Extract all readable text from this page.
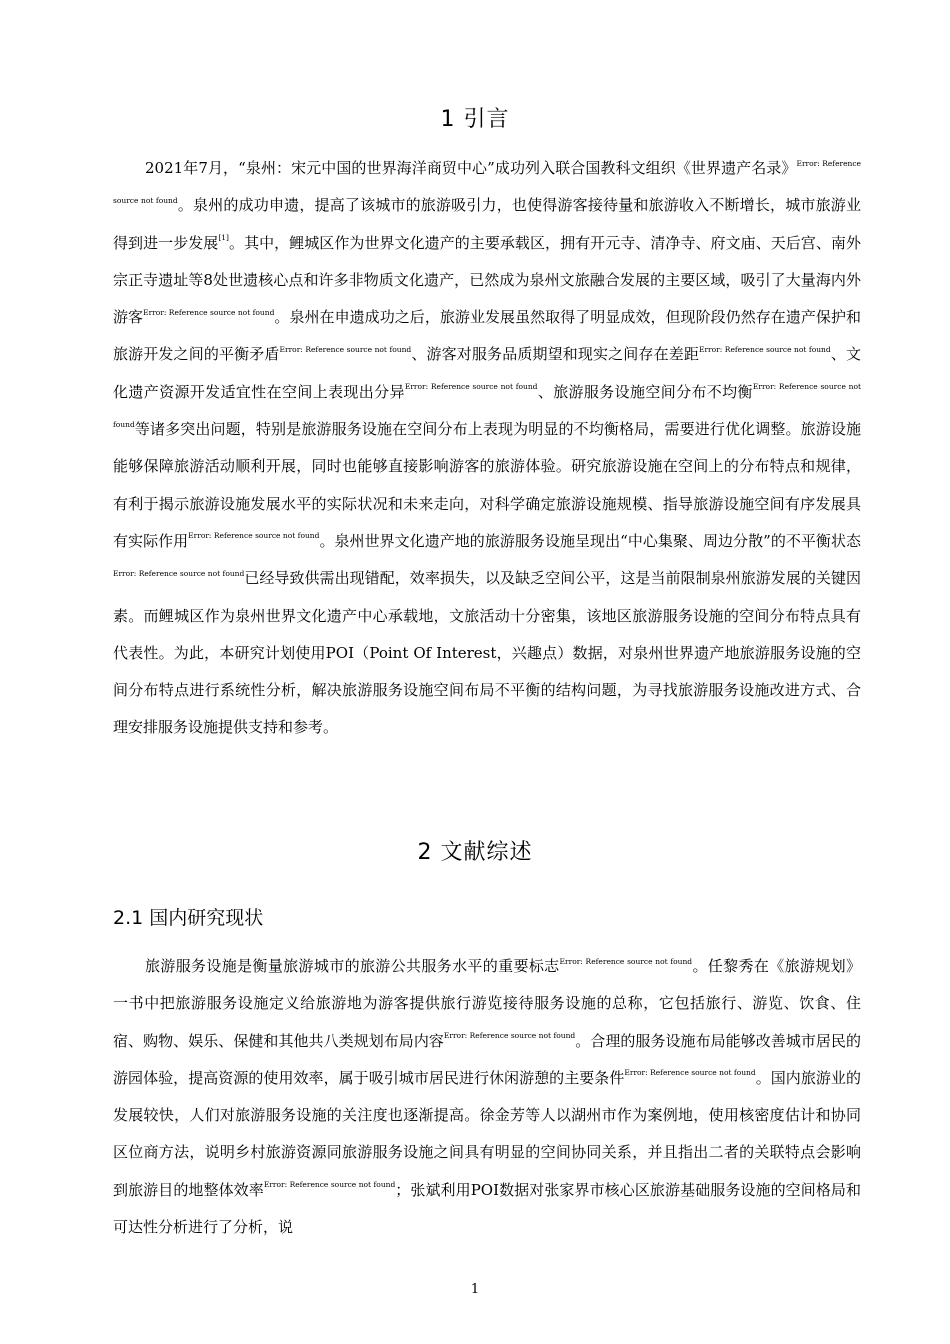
1 引言

2021年7月，“泉州：宋元中国的世界海洋商贸中心”成功列入联合国教科文组织《世界遗产名录》$^{Error: Reference source not found}$。泉州的成功申遗，提高了该城市的旅游吸引力，也使得游客接待量和旅游收入不断增长，城市旅游业得到进一步发展[1]。其中，鲤城区作为世界文化遗产的主要承载区，拥有开元寺、清净寺、府文庙、天后宫、南外宗正寺遗址等8处世遗核心点和许多非物质文化遗产，已然成为泉州文旅融合发展的主要区域，吸引了大量海内外游客$^{Error: Reference source not found}$。泉州在申遗成功之后，旅游业发展虽然取得了明显成效，但现阶段仍然存在遗产保护和旅游开发之间的平衡矛盾$^{Error: Reference source not found}$、游客对服务品质期望和现实之间存在差距$^{Error: Reference source not found}$、文化遗产资源开发适宜性在空间上表现出分异$^{Error: Reference source not found}$、旅游服务设施空间分布不均衡$^{Error: Reference source not found}$等诸多突出问题，特别是旅游服务设施在空间分布上表现为明显的不均衡格局，需要进行优化调整。旅游设施能够保障旅游活动顺利开展，同时也能够直接影响游客的旅游体验。研究旅游设施在空间上的分布特点和规律，有利于揭示旅游设施发展水平的实际状况和未来走向，对科学确定旅游设施规模、指导旅游设施空间有序发展具有实际作用$^{Error: Reference source not found}$。泉州世界文化遗产地的旅游服务设施呈现出“中心集聚、周边分散”的不平衡状态$^{Error: Reference source not found}$已经导致供需出现错配，效率损失，以及缺乏空间公平，这是当前限制泉州旅游发展的关键因素。而鲤城区作为泉州世界文化遗产中心承载地，文旅活动十分密集，该地区旅游服务设施的空间分布特点具有代表性。为此，本研究计划使用POI（Point Of Interest，兴趣点）数据，对泉州世界遗产地旅游服务设施的空间分布特点进行系统性分析，解决旅游服务设施空间布局不平衡的结构问题，为寻找旅游服务设施改进方式、合理安排服务设施提供支持和参考。

2 文献综述
2.1 国内研究现状

旅游服务设施是衡量旅游城市的旅游公共服务水平的重要标志$^{Error: Reference source not found}$。任黎秀在《旅游规划》一书中把旅游服务设施定义给旅游地为游客提供旅行游览接待服务设施的总称，它包括旅行、游览、饮食、住宿、购物、娱乐、保健和其他共八类规划布局内容$^{Error: Reference source not found}$。合理的服务设施布局能够改善城市居民的游园体验，提高资源的使用效率，属于吸引城市居民进行休闲游憩的主要条件$^{Error: Reference source not found}$。国内旅游业的发展较快，人们对旅游服务设施的关注度也逐渐提高。徐金芳等人以湖州市作为案例地，使用核密度估计和协同区位商方法，说明乡村旅游资源同旅游服务设施之间具有明显的空间协同关系，并且指出二者的关联特点会影响到旅游目的地整体效率$^{Error: Reference source not found}$；张斌利用POI数据对张家界市核心区旅游基础服务设施的空间格局和可达性分析进行了分析，说

1
